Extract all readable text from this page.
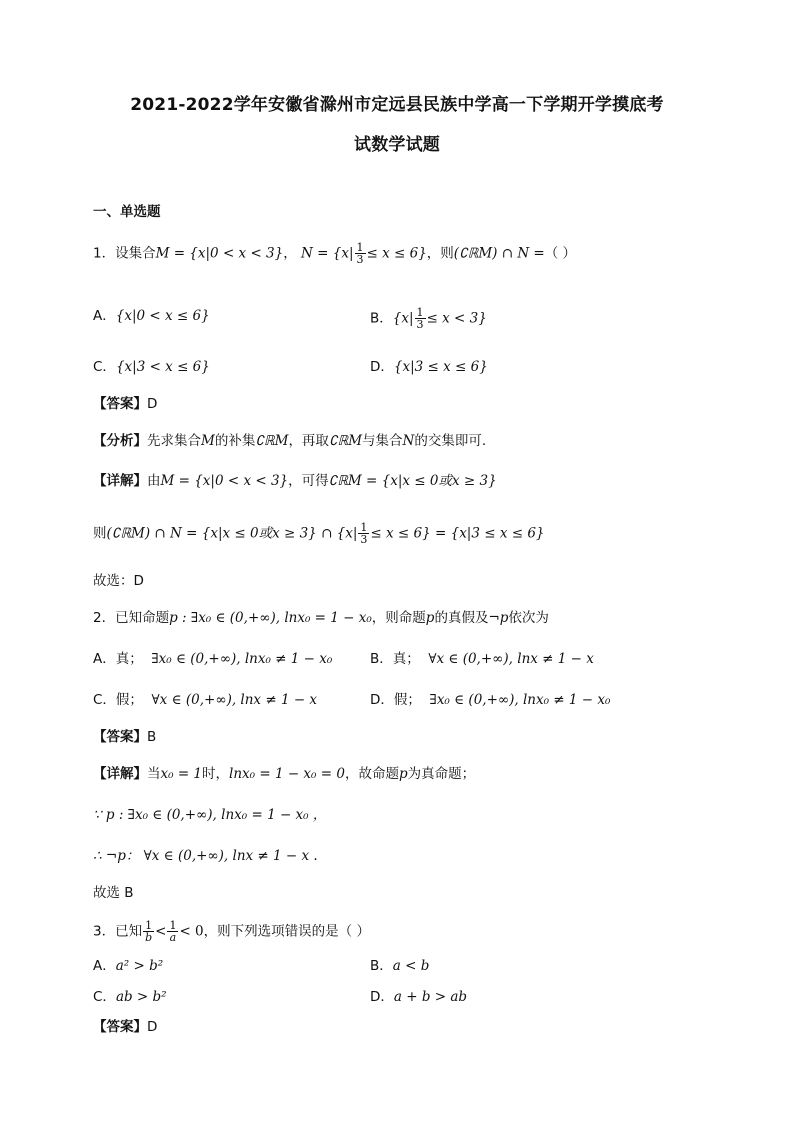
2021-2022学年安徽省滁州市定远县民族中学高一下学期开学摸底考
试数学试题
一、单选题
1．设集合M = {x|0 < x < 3}， $N = \{x| \frac{1}{3} \le x \le 6\}$，则(∁ℝM) ∩ N =（ ）
A．{x|0 < x ≤ 6}	B．$\{x| \frac{1}{3} \le x < 3\}$
C．{x|3 < x ≤ 6}	D．{x|3 ≤ x ≤ 6}
【答案】D
【分析】先求集合M的补集∁ℝM，再取∁ℝM与集合N的交集即可.
【详解】由M = {x|0 < x < 3}，可得∁ℝM = {x|x ≤ 0或x ≥ 3}
则(∁ℝM) ∩ N = {x|x ≤ 0或x ≥ 3} ∩ $\{x| \frac{1}{3} \le x \le 6\} = \{x|3 \le x \le 6\}$
故选：D
2．已知命题p : ∃x₀ ∈ (0,+∞), lnx₀ = 1 − x₀，则命题p的真假及¬p依次为
A．真； ∃x₀ ∈ (0,+∞), lnx₀ ≠ 1 − x₀	B．真； ∀x ∈ (0,+∞), lnx ≠ 1 − x
C．假； ∀x ∈ (0,+∞), lnx ≠ 1 − x	D．假； ∃x₀ ∈ (0,+∞), lnx₀ ≠ 1 − x₀
【答案】B
【详解】当x₀ = 1时，lnx₀ = 1 − x₀ = 0，故命题p为真命题；
∵ p : ∃x₀ ∈ (0,+∞), lnx₀ = 1 − x₀ ，
∴ ¬p： ∀x ∈ (0,+∞), lnx ≠ 1 − x .
故选 B
3．已知 $\frac{1}{b} < \frac{1}{a} < 0$，则下列选项错误的是（ ）
A．a² > b²	B．a < b
C．ab > b²	D．a + b > ab
【答案】D
